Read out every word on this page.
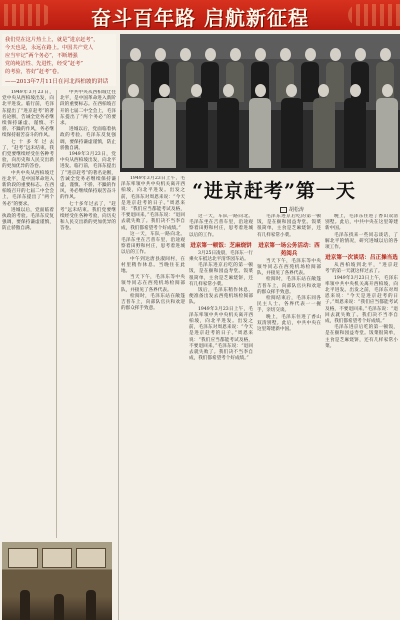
奋斗百年路 启航新征程
我们党在这片热土上，就是“进京赶考”，
今天也是，永远在路上。中国共产党人
应当牢记“两个务必”，不断增强
党的纯洁性、先进性，经受“赶考”
的考验，答好“赶考”卷。
——2013年7月11日在河北西柏坡的讲话
“进京赶考”第一天
胡松涛

1949年3月23日，党中央从西柏坡出发，向北平进发。临行前，毛泽东提出了“进京赶考”的著名论断，告诫全党务必继续保持谦虚、谨慎、不骄、不躁的作风，务必继续保持艰苦奋斗的作风。

七十多年过去了，“赶考”远未结束。我们党要继续经受住各种考验，向历史和人民交出新的更加优异的答卷。

中共中央从西柏坡迁往北平，是中国革命进入新阶段的重要标志。在西柏坡召开的七届二中全会上，毛泽东提出了“两个务必”的要求。

进城以后，党面临着执政的考验。毛泽东反复强调，要保持谦虚谨慎，防止骄傲自满。

中共中央从西柏坡迁往北平，是中国革命进入新阶段的重要标志。在西柏坡召开的七届二中全会上，毛泽东提出了“两个务必”的要求。

进城以后，党面临着执政的考验。毛泽东反复强调，要保持谦虚谨慎，防止骄傲自满。

1949年3月23日，党中央从西柏坡出发，向北平进发。临行前，毛泽东提出了“进京赶考”的著名论断，告诫全党务必继续保持谦虚、谨慎、不骄、不躁的作风，务必继续保持艰苦奋斗的作风。

七十多年过去了，“赶考”远未结束。我们党要继续经受住各种考验，向历史和人民交出新的更加优异的答卷。

1949年3月23日上午，毛泽东率领中共中央机关离开西柏坡，向北平进发。出发之前，毛泽东对周恩来说：“今天是进京赶考的日子。”周恩来说：“我们应当都能考试及格，不要退回来。”毛泽东说：“退回去就失败了。我们决不当李自成，我们都希望考个好成绩。”

这一天，车队一路向北。毛泽东坐在吉普车里，沿途观察着田野和村庄，思考着进城以后的工作。

中午到达唐县淑闾村，在村里稍作休息。当晚住在此地。

当天下午，毛泽东等中央领导同志在西苑机场检阅部队，并接见了各界代表。

检阅时，毛泽东站在敞篷吉普车上，向部队官兵和欢迎的群众挥手致意。

这一天，车队一路向北。毛泽东坐在吉普车里，沿途观察着田野和村庄，思考着进城以后的工作。

进京第一顿饭：芝麻烧饼

3月25日凌晨，毛泽东一行乘火车抵达北平清华园车站。

毛泽东进京后吃的第一顿饭，是在颐和园益寿堂。饭菜很简单，主食是芝麻烧饼，还有几样家常小菜。

饭后，毛泽东稍作休息，便准备出发去西苑机场检阅部队。

1949年3月23日上午，毛泽东率领中共中央机关离开西柏坡，向北平进发。出发之前，毛泽东对周恩来说：“今天是进京赶考的日子。”周恩来说：“我们应当都能考试及格，不要退回来。”毛泽东说：“退回去就失败了。我们决不当李自成，我们都希望考个好成绩。”

毛泽东进京后吃的第一顿饭，是在颐和园益寿堂。饭菜很简单，主食是芝麻烧饼，还有几样家常小菜。

进京第一场公务活动：西苑阅兵

当天下午，毛泽东等中央领导同志在西苑机场检阅部队，并接见了各界代表。

检阅时，毛泽东站在敞篷吉普车上，向部队官兵和欢迎的群众挥手致意。

检阅结束后，毛泽东同各民主人士、各界代表一一握手，亲切交谈。

晚上，毛泽东住进了香山双清别墅。此后，中共中央在这里筹建新中国。

晚上，毛泽东住进了香山双清别墅。此后，中共中央在这里筹建新中国。

毛泽东找来一些同志谈话，了解北平的情况，研究进城以后的各项工作。

进京第一次谈话：吕正操当选

从西柏坡到北平，“进京赶考”的第一天就这样过去了。

1949年3月23日上午，毛泽东率领中共中央机关离开西柏坡，向北平进发。出发之前，毛泽东对周恩来说：“今天是进京赶考的日子。”周恩来说：“我们应当都能考试及格，不要退回来。”毛泽东说：“退回去就失败了。我们决不当李自成，我们都希望考个好成绩。”

毛泽东进京后吃的第一顿饭，是在颐和园益寿堂。饭菜很简单，主食是芝麻烧饼，还有几样家常小菜。
